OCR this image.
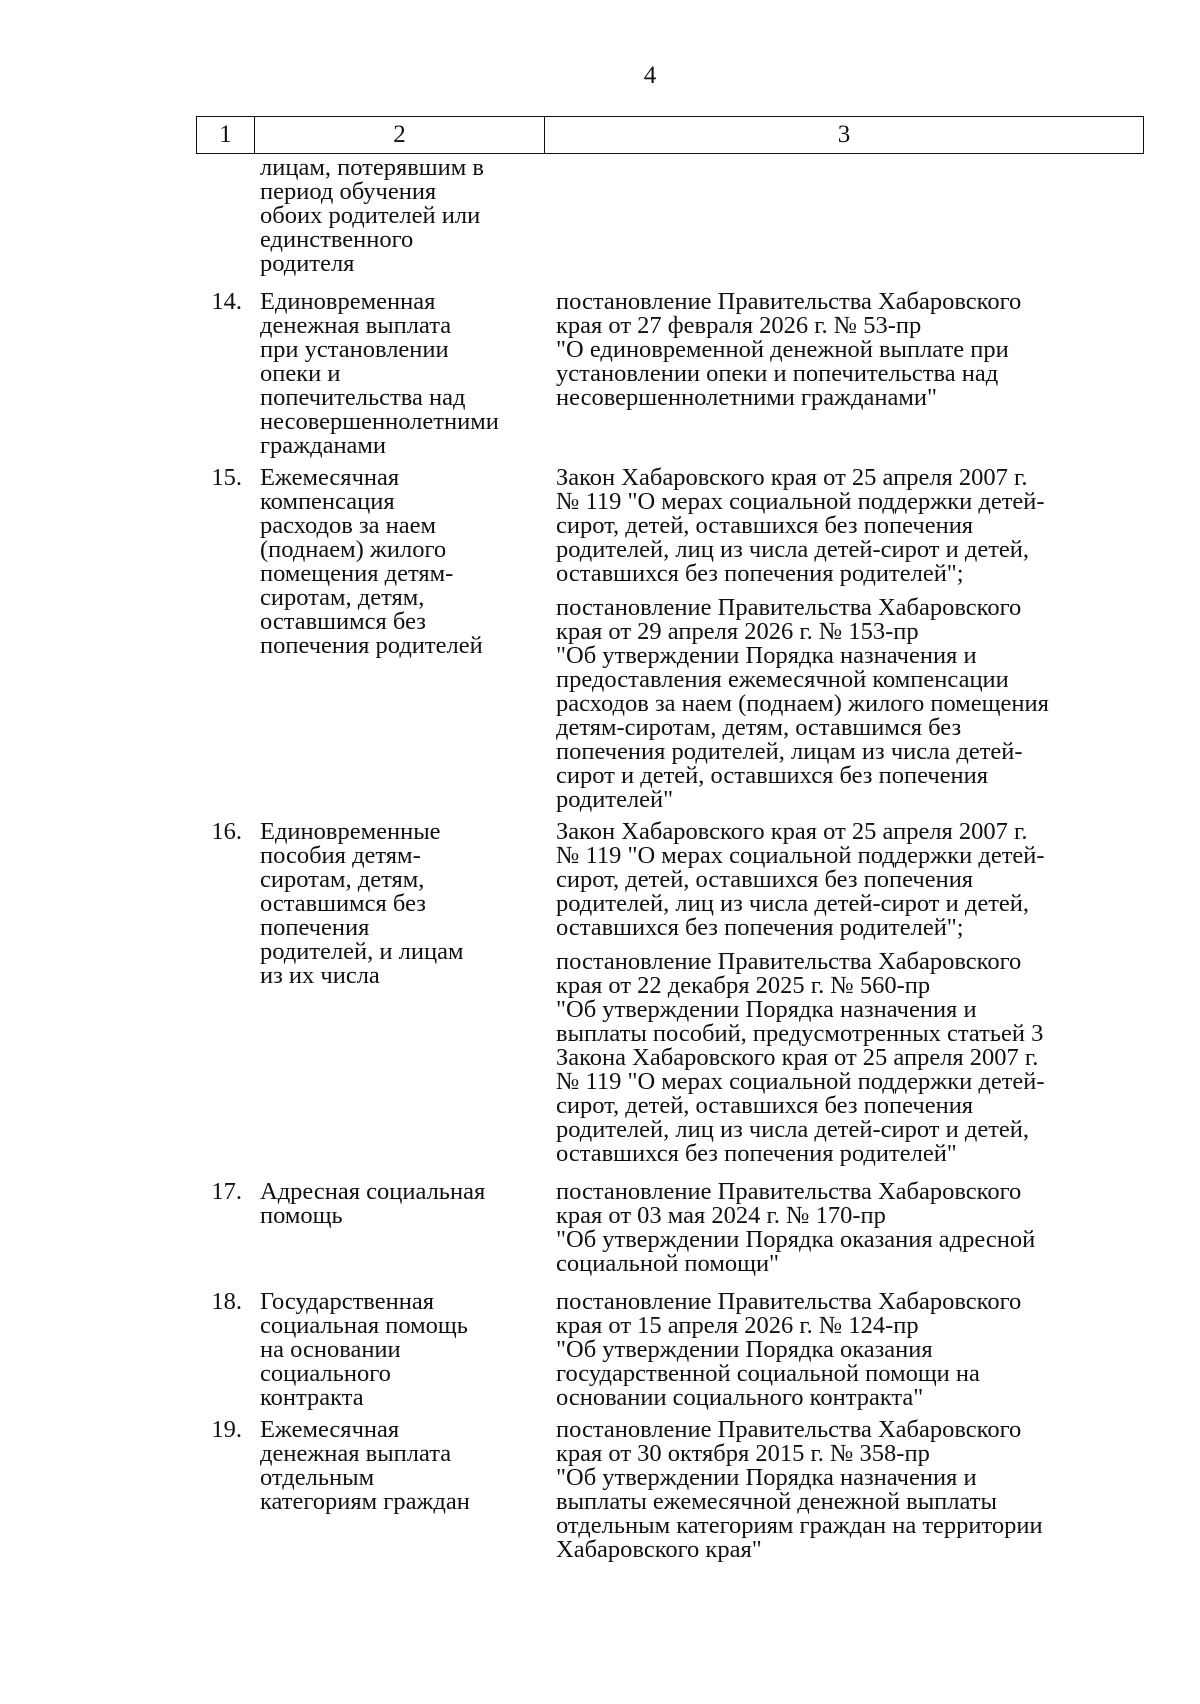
4
1	2	3
лицам, потерявшим в
период обучения
обоих родителей или
единственного
родителя
14. Единовременная
денежная выплата
при установлении
опеки и
попечительства над
несовершеннолетними
гражданами
постановление Правительства Хабаровского
края от 27 февраля 2026 г. № 53-пр
"О единовременной денежной выплате при
установлении опеки и попечительства над
несовершеннолетними гражданами"
15. Ежемесячная
компенсация
расходов за наем
(поднаем) жилого
помещения детям-
сиротам, детям,
оставшимся без
попечения родителей
Закон Хабаровского края от 25 апреля 2007 г.
№ 119 "О мерах социальной поддержки детей-
сирот, детей, оставшихся без попечения
родителей, лиц из числа детей-сирот и детей,
оставшихся без попечения родителей";
постановление Правительства Хабаровского
края от 29 апреля 2026 г. № 153-пр
"Об утверждении Порядка назначения и
предоставления ежемесячной компенсации
расходов за наем (поднаем) жилого помещения
детям-сиротам, детям, оставшимся без
попечения родителей, лицам из числа детей-
сирот и детей, оставшихся без попечения
родителей"
16. Единовременные
пособия детям-
сиротам, детям,
оставшимся без
попечения
родителей, и лицам
из их числа
Закон Хабаровского края от 25 апреля 2007 г.
№ 119 "О мерах социальной поддержки детей-
сирот, детей, оставшихся без попечения
родителей, лиц из числа детей-сирот и детей,
оставшихся без попечения родителей";
постановление Правительства Хабаровского
края от 22 декабря 2025 г. № 560-пр
"Об утверждении Порядка назначения и
выплаты пособий, предусмотренных статьей 3
Закона Хабаровского края от 25 апреля 2007 г.
№ 119 "О мерах социальной поддержки детей-
сирот, детей, оставшихся без попечения
родителей, лиц из числа детей-сирот и детей,
оставшихся без попечения родителей"
17. Адресная социальная
помощь
постановление Правительства Хабаровского
края от 03 мая 2024 г. № 170-пр
"Об утверждении Порядка оказания адресной
социальной помощи"
18. Государственная
социальная помощь
на основании
социального
контракта
постановление Правительства Хабаровского
края от 15 апреля 2026 г. № 124-пр
"Об утверждении Порядка оказания
государственной социальной помощи на
основании социального контракта"
19. Ежемесячная
денежная выплата
отдельным
категориям граждан
постановление Правительства Хабаровского
края от 30 октября 2015 г. № 358-пр
"Об утверждении Порядка назначения и
выплаты ежемесячной денежной выплаты
отдельным категориям граждан на территории
Хабаровского края"
